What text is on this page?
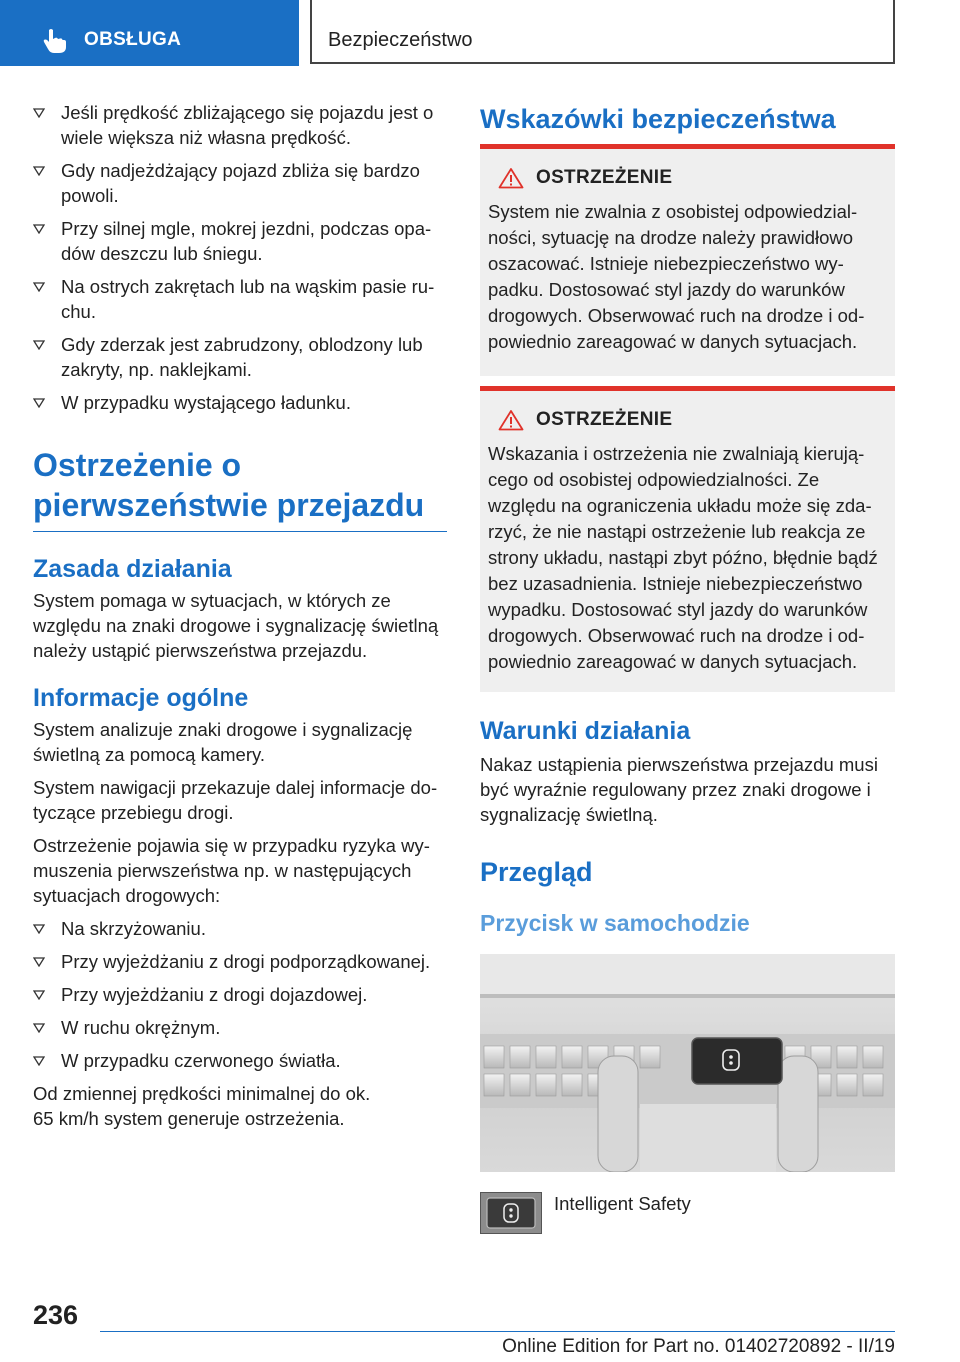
OBSŁUGA	Bezpieczeństwo
Jeśli prędkość zbliżającego się pojazdu jest o wiele większa niż własna prędkość.
Gdy nadjeżdżający pojazd zbliża się bardzo powoli.
Przy silnej mgle, mokrej jezdni, podczas opadów deszczu lub śniegu.
Na ostrych zakrętach lub na wąskim pasie ruchu.
Gdy zderzak jest zabrudzony, oblodzony lub zakryty, np. naklejkami.
W przypadku wystającego ładunku.
Ostrzeżenie o pierwszeństwie przejazdu
Zasada działania

System pomaga w sytuacjach, w których ze względu na znaki drogowe i sygnalizację świetlną należy ustąpić pierwszeństwa przejazdu.

Informacje ogólne

System analizuje znaki drogowe i sygnalizację świetlną za pomocą kamery.

System nawigacji przekazuje dalej informacje dotyczące przebiegu drogi.

Ostrzeżenie pojawia się w przypadku ryzyka wymuszenia pierwszeństwa np. w następujących sytuacjach drogowych:

Na skrzyżowaniu.
Przy wyjeżdżaniu z drogi podporządkowanej.
Przy wyjeżdżaniu z drogi dojazdowej.
W ruchu okrężnym.
W przypadku czerwonego światła.

Od zmiennej prędkości minimalnej do ok. 65 km/h system generuje ostrzeżenia.

Wskazówki bezpieczeństwa
OSTRZEŻENIE

System nie zwalnia z osobistej odpowiedzialności, sytuację na drodze należy prawidłowo oszacować. Istnieje niebezpieczeństwo wypadku. Dostosować styl jazdy do warunków drogowych. Obserwować ruch na drodze i odpowiednio zareagować w danych sytuacjach.

OSTRZEŻENIE

Wskazania i ostrzeżenia nie zwalniają kierującego od osobistej odpowiedzialności. Ze względu na ograniczenia układu może się zdarzyć, że nie nastąpi ostrzeżenie lub reakcja ze strony układu, nastąpi zbyt późno, błędnie bądź bez uzasadnienia. Istnieje niebezpieczeństwo wypadku. Dostosować styl jazdy do warunków drogowych. Obserwować ruch na drodze i odpowiednio zareagować w danych sytuacjach.

Warunki działania

Nakaz ustąpienia pierwszeństwa przejazdu musi być wyraźnie regulowany przez znaki drogowe i sygnalizację świetlną.

Przegląd
Przycisk w samochodzie
Intelligent Safety
236
Online Edition for Part no. 01402720892 - II/19
